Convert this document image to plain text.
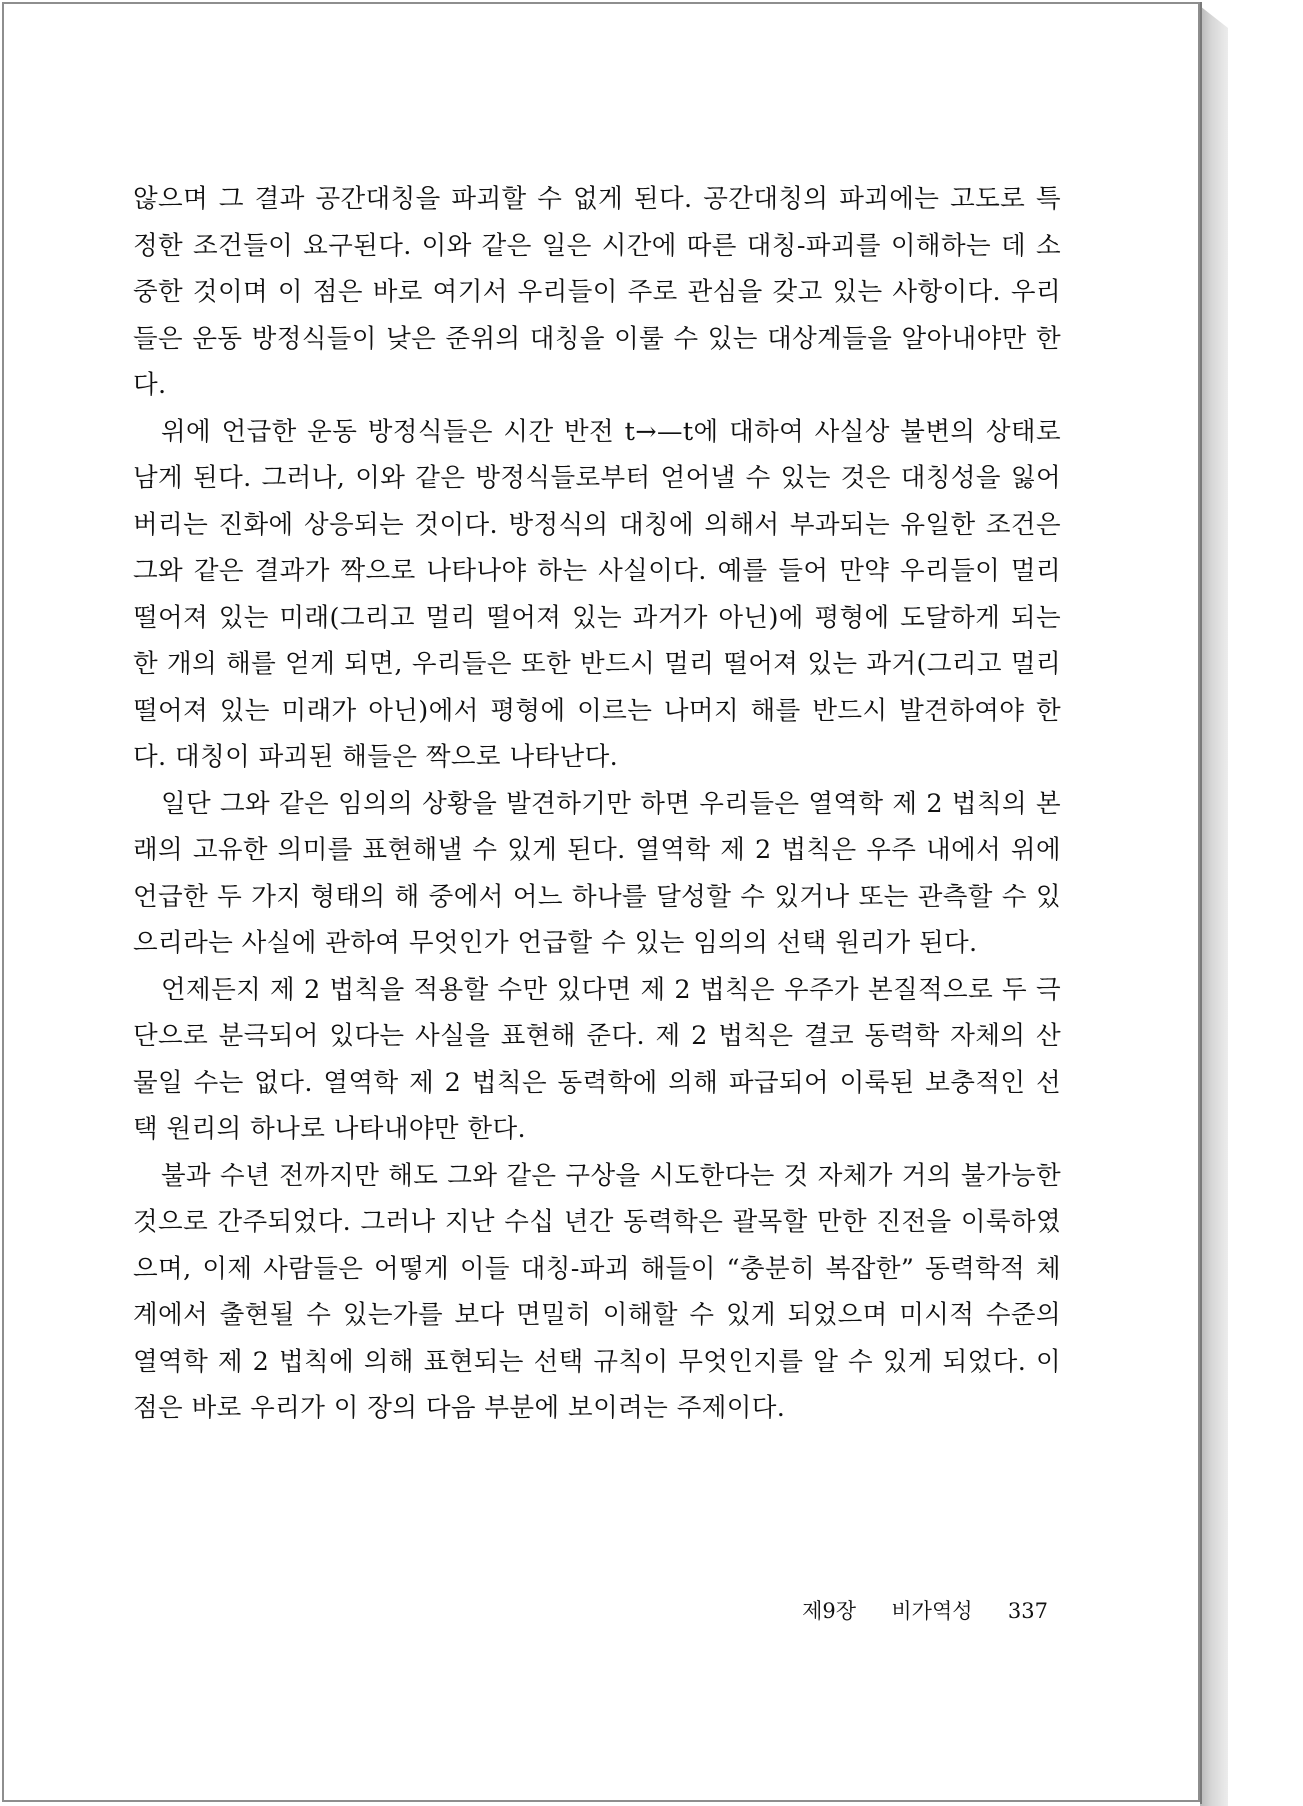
않으며 그 결과 공간대칭을 파괴할 수 없게 된다. 공간대칭의 파괴에는 고도로 특정한 조건들이 요구된다. 이와 같은 일은 시간에 따른 대칭-파괴를 이해하는 데 소중한 것이며 이 점은 바로 여기서 우리들이 주로 관심을 갖고 있는 사항이다. 우리들은 운동 방정식들이 낮은 준위의 대칭을 이룰 수 있는 대상계들을 알아내야만 한다.

위에 언급한 운동 방정식들은 시간 반전 t→—t에 대하여 사실상 불변의 상태로 남게 된다. 그러나, 이와 같은 방정식들로부터 얻어낼 수 있는 것은 대칭성을 잃어버리는 진화에 상응되는 것이다. 방정식의 대칭에 의해서 부과되는 유일한 조건은 그와 같은 결과가 짝으로 나타나야 하는 사실이다. 예를 들어 만약 우리들이 멀리 떨어져 있는 미래(그리고 멀리 떨어져 있는 과거가 아닌)에 평형에 도달하게 되는 한 개의 해를 얻게 되면, 우리들은 또한 반드시 멀리 떨어져 있는 과거(그리고 멀리 떨어져 있는 미래가 아닌)에서 평형에 이르는 나머지 해를 반드시 발견하여야 한다. 대칭이 파괴된 해들은 짝으로 나타난다.

일단 그와 같은 임의의 상황을 발견하기만 하면 우리들은 열역학 제 2 법칙의 본래의 고유한 의미를 표현해낼 수 있게 된다. 열역학 제 2 법칙은 우주 내에서 위에 언급한 두 가지 형태의 해 중에서 어느 하나를 달성할 수 있거나 또는 관측할 수 있으리라는 사실에 관하여 무엇인가 언급할 수 있는 임의의 선택 원리가 된다.

언제든지 제 2 법칙을 적용할 수만 있다면 제 2 법칙은 우주가 본질적으로 두 극단으로 분극되어 있다는 사실을 표현해 준다. 제 2 법칙은 결코 동력학 자체의 산물일 수는 없다. 열역학 제 2 법칙은 동력학에 의해 파급되어 이룩된 보충적인 선택 원리의 하나로 나타내야만 한다.

불과 수년 전까지만 해도 그와 같은 구상을 시도한다는 것 자체가 거의 불가능한 것으로 간주되었다. 그러나 지난 수십 년간 동력학은 괄목할 만한 진전을 이룩하였으며, 이제 사람들은 어떻게 이들 대칭-파괴 해들이 “충분히 복잡한” 동력학적 체계에서 출현될 수 있는가를 보다 면밀히 이해할 수 있게 되었으며 미시적 수준의 열역학 제 2 법칙에 의해 표현되는 선택 규칙이 무엇인지를 알 수 있게 되었다. 이 점은 바로 우리가 이 장의 다음 부분에 보이려는 주제이다.

제9장 비가역성 337
